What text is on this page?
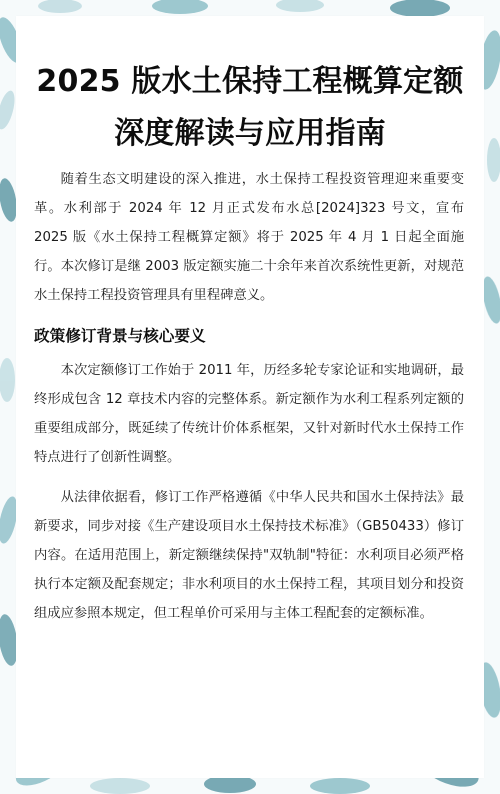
2025 版水土保持工程概算定额
深度解读与应用指南

随着生态文明建设的深入推进，水土保持工程投资管理迎来重要变革。水利部于 2024 年 12 月正式发布水总[2024]323 号文，宣布 2025 版《水土保持工程概算定额》将于 2025 年 4 月 1 日起全面施行。本次修订是继 2003 版定额实施二十余年来首次系统性更新，对规范水土保持工程投资管理具有里程碑意义。

政策修订背景与核心要义

本次定额修订工作始于 2011 年，历经多轮专家论证和实地调研，最终形成包含 12 章技术内容的完整体系。新定额作为水利工程系列定额的重要组成部分，既延续了传统计价体系框架，又针对新时代水土保持工作特点进行了创新性调整。

从法律依据看，修订工作严格遵循《中华人民共和国水土保持法》最新要求，同步对接《生产建设项目水土保持技术标准》（GB50433）修订内容。在适用范围上，新定额继续保持"双轨制"特征：水利项目必须严格执行本定额及配套规定；非水利项目的水土保持工程，其项目划分和投资组成应参照本规定，但工程单价可采用与主体工程配套的定额标准。
